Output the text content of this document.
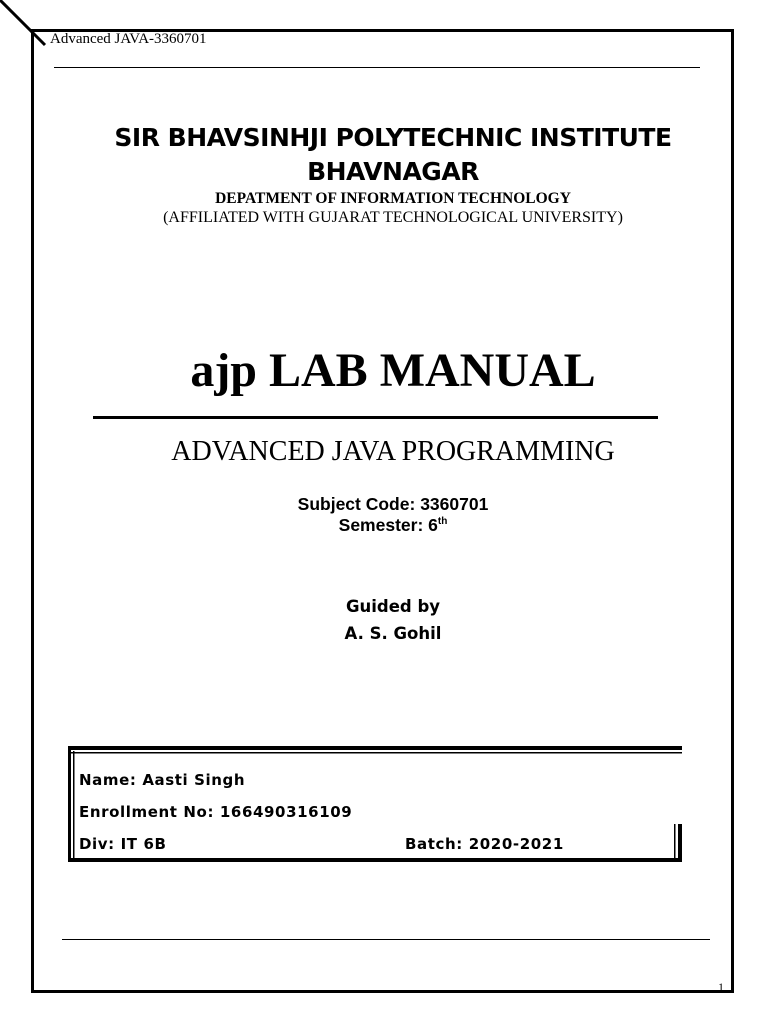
Advanced JAVA-3360701
SIR BHAVSINHJI POLYTECHNIC INSTITUTE
BHAVNAGAR
DEPATMENT OF INFORMATION TECHNOLOGY
(AFFILIATED WITH GUJARAT TECHNOLOGICAL UNIVERSITY)
ajp LAB MANUAL
ADVANCED JAVA PROGRAMMING
Subject Code: 3360701
Semester: 6th
Guided by
A. S. Gohil
Name: Aasti Singh
Enrollment No: 166490316109
Div: IT 6B	Batch: 2020-2021
1
